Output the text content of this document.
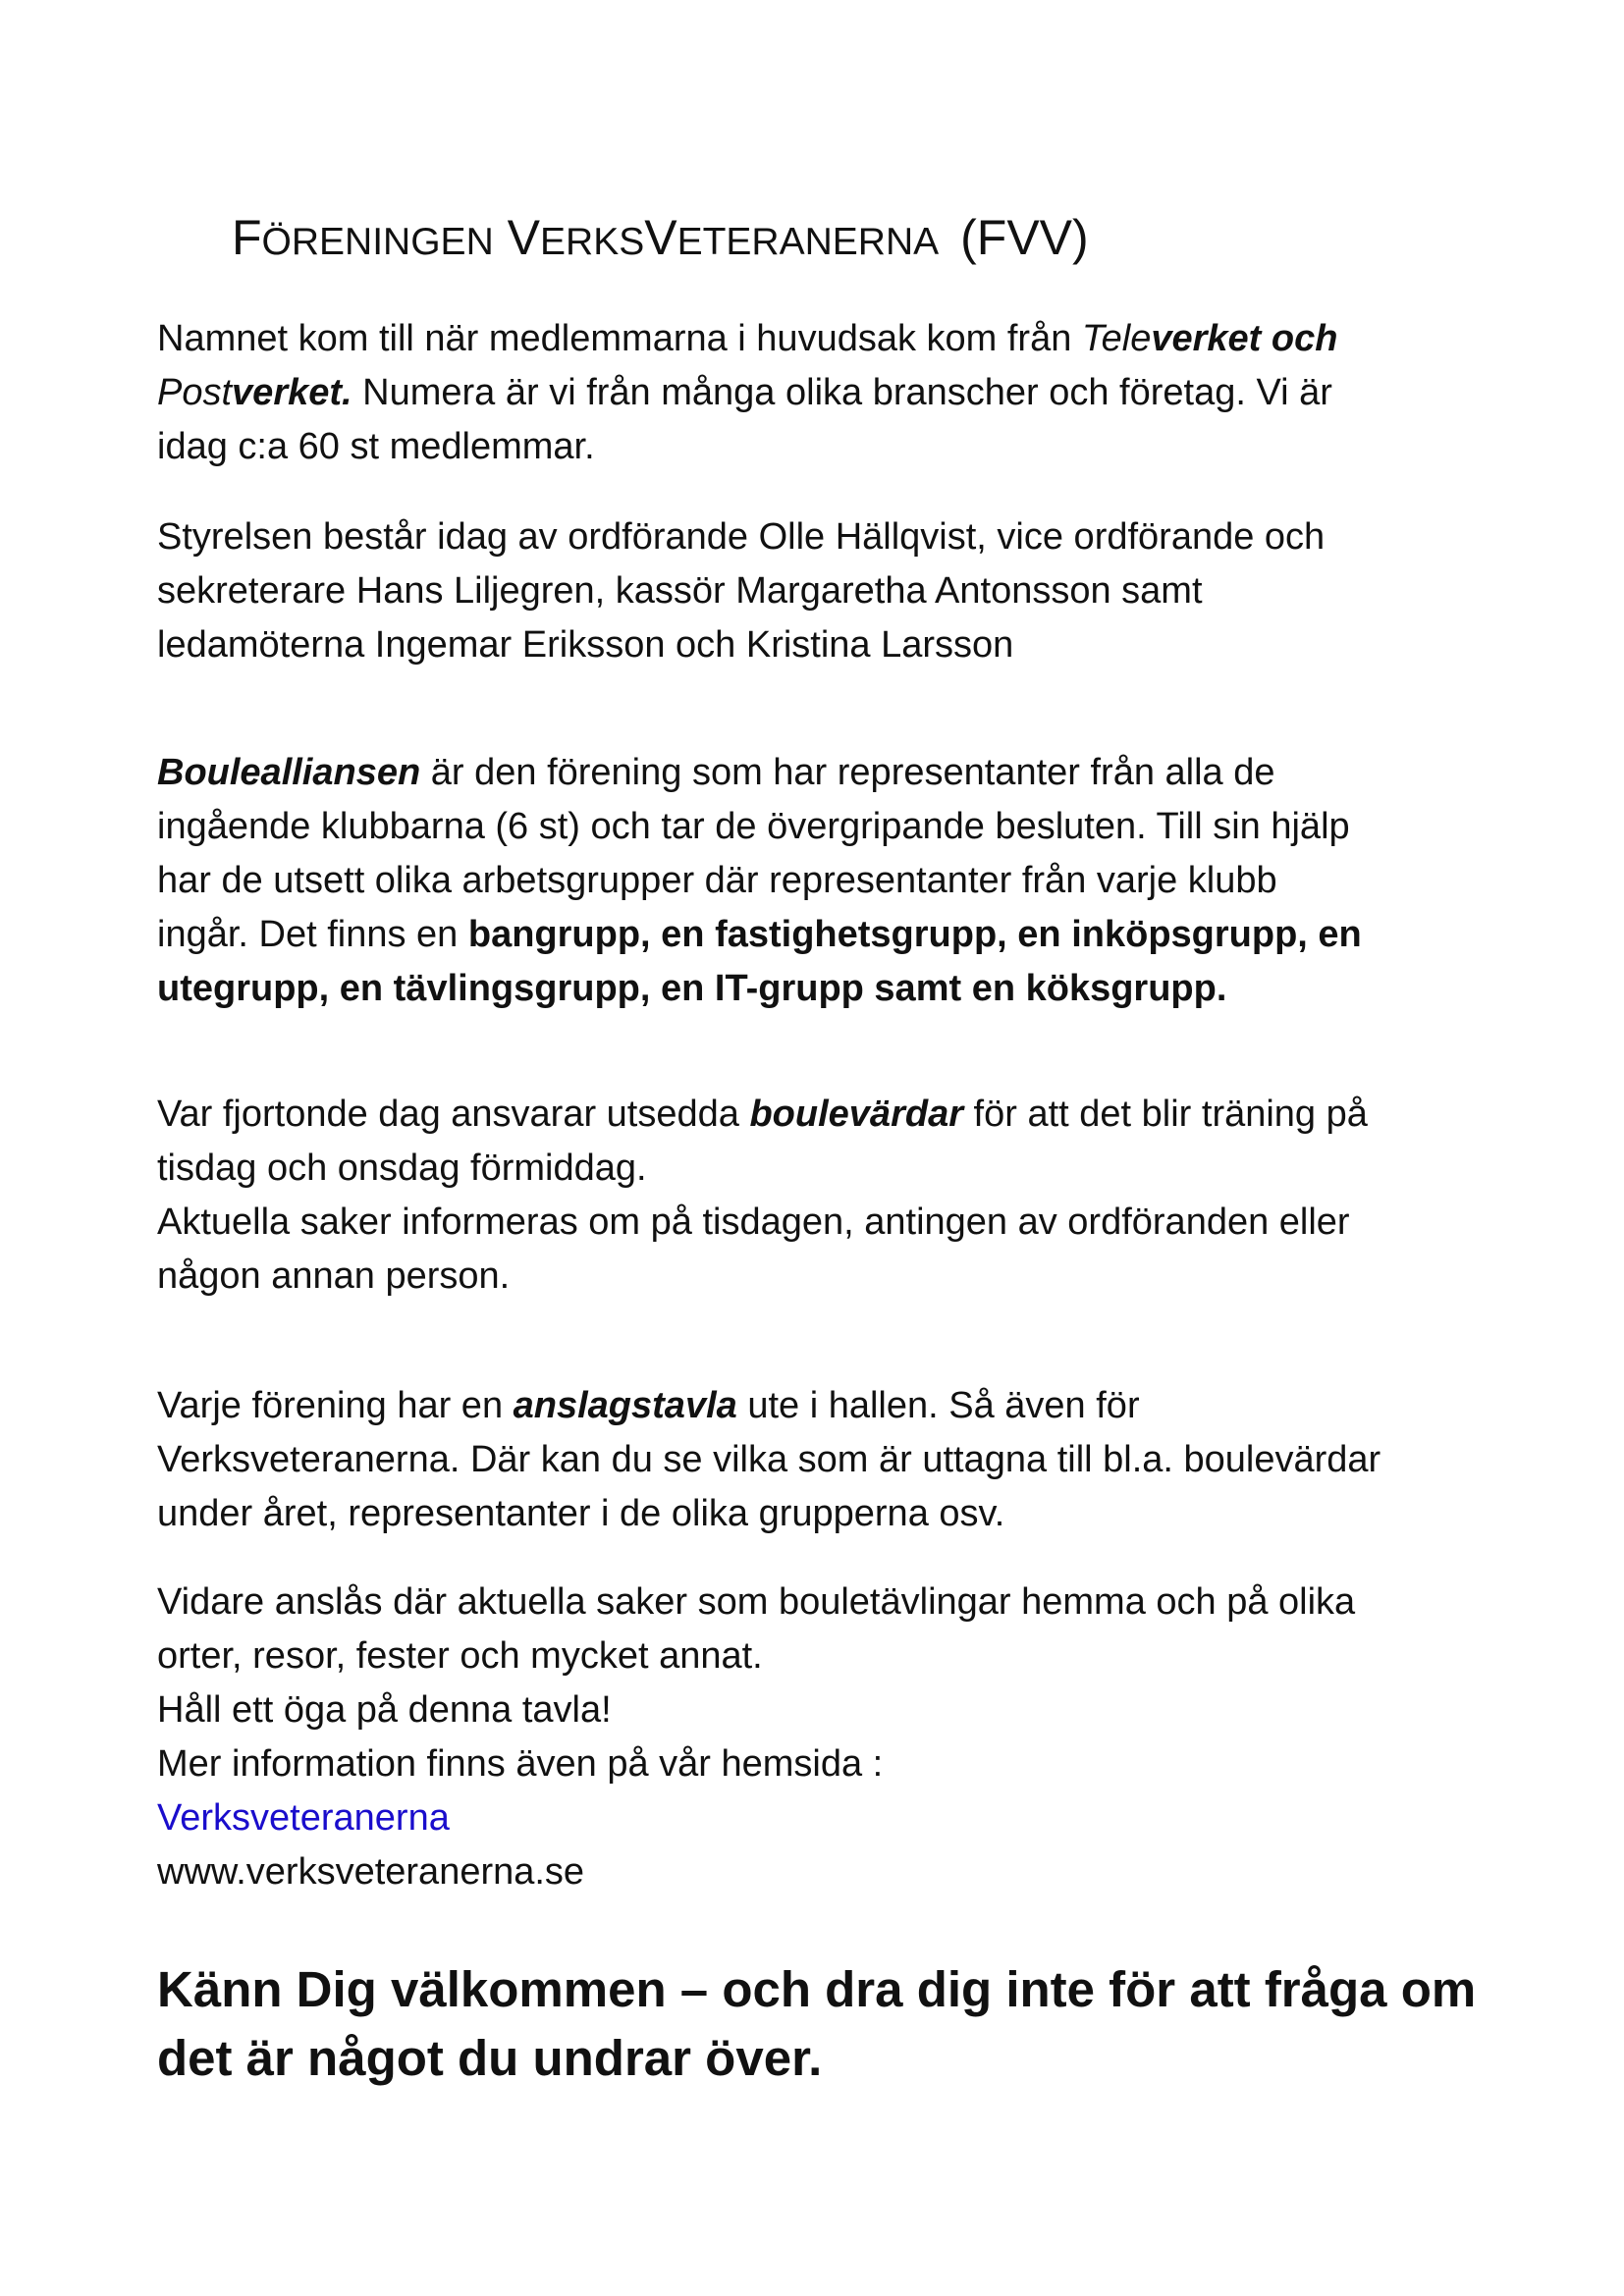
FÖRENINGEN VERKSVETERANERNA (FVV)

Namnet kom till när medlemmarna i huvudsak kom från Televerket och
Postverket. Numera är vi från många olika branscher och företag. Vi är
idag c:a 60 st medlemmar.

Styrelsen består idag av ordförande Olle Hällqvist, vice ordförande och
sekreterare Hans Liljegren, kassör Margaretha Antonsson samt
ledamöterna Ingemar Eriksson och Kristina Larsson

Boulealliansen är den förening som har representanter från alla de
ingående klubbarna (6 st) och tar de övergripande besluten. Till sin hjälp
har de utsett olika arbetsgrupper där representanter från varje klubb
ingår. Det finns en bangrupp, en fastighetsgrupp, en inköpsgrupp, en
utegrupp, en tävlingsgrupp, en IT-grupp samt en köksgrupp.

Var fjortonde dag ansvarar utsedda boulevärdar för att det blir träning på
tisdag och onsdag förmiddag.
Aktuella saker informeras om på tisdagen, antingen av ordföranden eller
någon annan person.

Varje förening har en anslagstavla ute i hallen. Så även för
Verksveteranerna. Där kan du se vilka som är uttagna till bl.a. boulevärdar
under året, representanter i de olika grupperna osv.

Vidare anslås där aktuella saker som bouletävlingar hemma och på olika
orter, resor, fester och mycket annat.
Håll ett öga på denna tavla!
Mer information finns även på vår hemsida :
Verksveteranerna
www.verksveteranerna.se

Känn Dig välkommen – och dra dig inte för att fråga om
det är något du undrar över.
